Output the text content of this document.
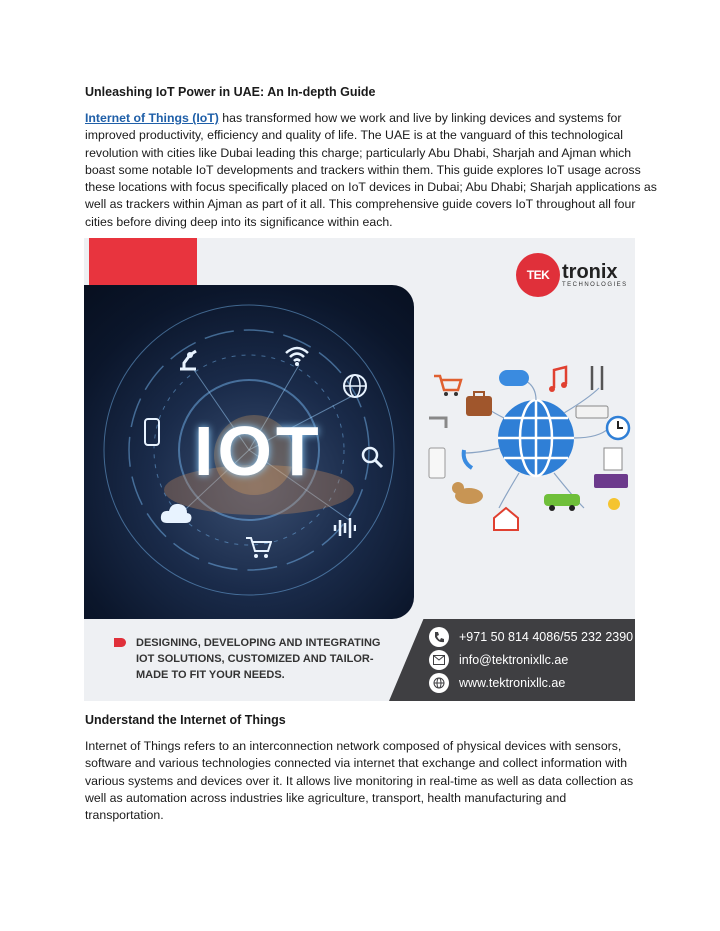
Unleashing IoT Power in UAE: An In-depth Guide
Internet of Things (IoT) has transformed how we work and live by linking devices and systems for
improved productivity, efficiency and quality of life. The UAE is at the vanguard of this technological
revolution with cities like Dubai leading this charge; particularly Abu Dhabi, Sharjah and Ajman which
boast some notable IoT developments and trackers within them. This guide explores IoT usage across
these locations with focus specifically placed on IoT devices in Dubai; Abu Dhabi; Sharjah applications as
well as trackers within Ajman as part of it all. This comprehensive guide covers IoT throughout all four
cities before diving deep into its significance within each.
IOT
TEK tronix
TECHNOLOGIES
DESIGNING, DEVELOPING AND INTEGRATING
IOT SOLUTIONS, CUSTOMIZED AND TAILOR-
MADE TO FIT YOUR NEEDS.
+971 50 814 4086/55 232 2390
info@tektronixllc.ae
www.tektronixllc.ae
Understand the Internet of Things
Internet of Things refers to an interconnection network composed of physical devices with sensors,
software and various technologies connected via internet that exchange and collect information with
various systems and devices over it. It allows live monitoring in real-time as well as data collection as
well as automation across industries like agriculture, transport, health manufacturing and
transportation.
